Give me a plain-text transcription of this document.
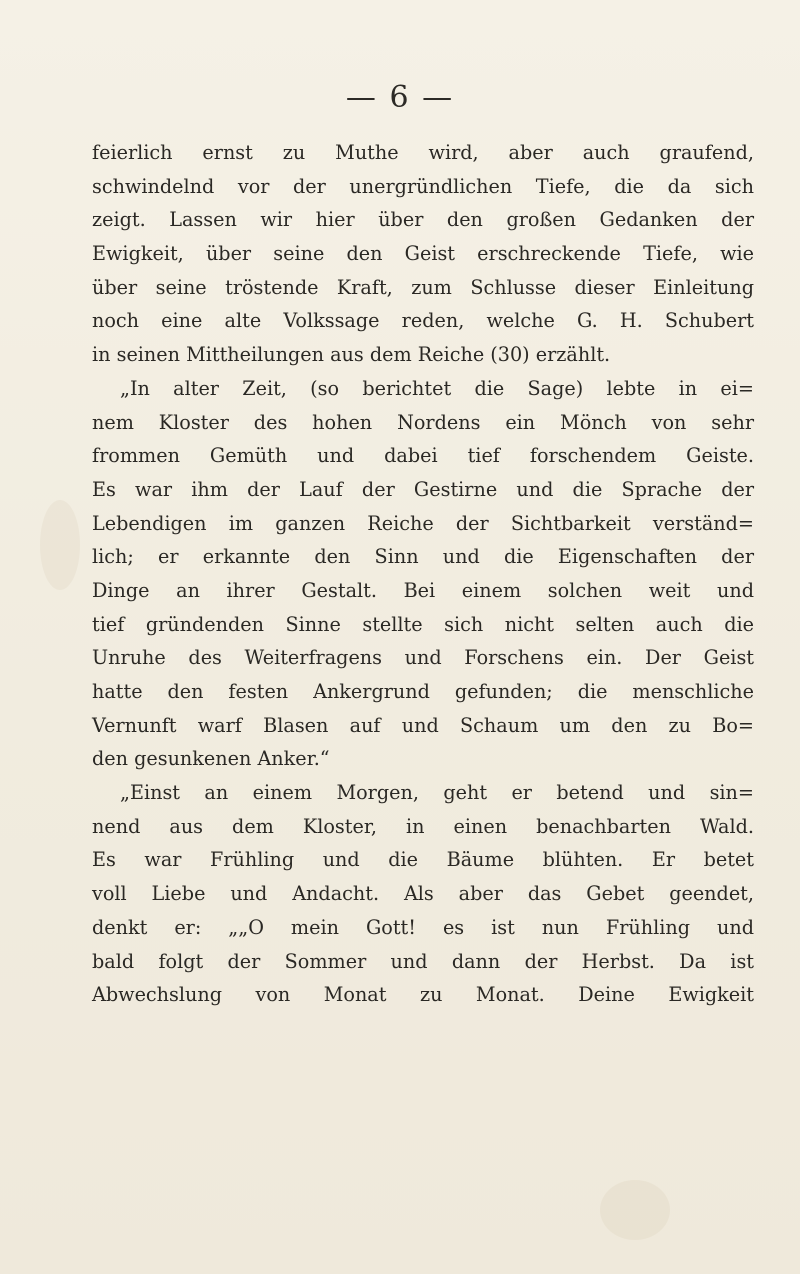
— 6 —
feierlich ernst zu Muthe wird, aber auch graufend,
schwindelnd vor der unergründlichen Tiefe, die da sich
zeigt. Lassen wir hier über den großen Gedanken der
Ewigkeit, über seine den Geist erschreckende Tiefe, wie
über seine tröstende Kraft, zum Schlusse dieser Einleitung
noch eine alte Volkssage reden, welche G. H. Schubert
in seinen Mittheilungen aus dem Reiche (30) erzählt.
„In alter Zeit, (so berichtet die Sage) lebte in ei=
nem Kloster des hohen Nordens ein Mönch von sehr
frommen Gemüth und dabei tief forschendem Geiste.
Es war ihm der Lauf der Gestirne und die Sprache der
Lebendigen im ganzen Reiche der Sichtbarkeit verständ=
lich; er erkannte den Sinn und die Eigenschaften der
Dinge an ihrer Gestalt. Bei einem solchen weit und
tief gründenden Sinne stellte sich nicht selten auch die
Unruhe des Weiterfragens und Forschens ein. Der Geist
hatte den festen Ankergrund gefunden; die menschliche
Vernunft warf Blasen auf und Schaum um den zu Bo=
den gesunkenen Anker.“
„Einst an einem Morgen, geht er betend und sin=
nend aus dem Kloster, in einen benachbarten Wald.
Es war Frühling und die Bäume blühten. Er betet
voll Liebe und Andacht. Als aber das Gebet geendet,
denkt er: „„O mein Gott! es ist nun Frühling und
bald folgt der Sommer und dann der Herbst. Da ist
Abwechslung von Monat zu Monat. Deine Ewigkeit
